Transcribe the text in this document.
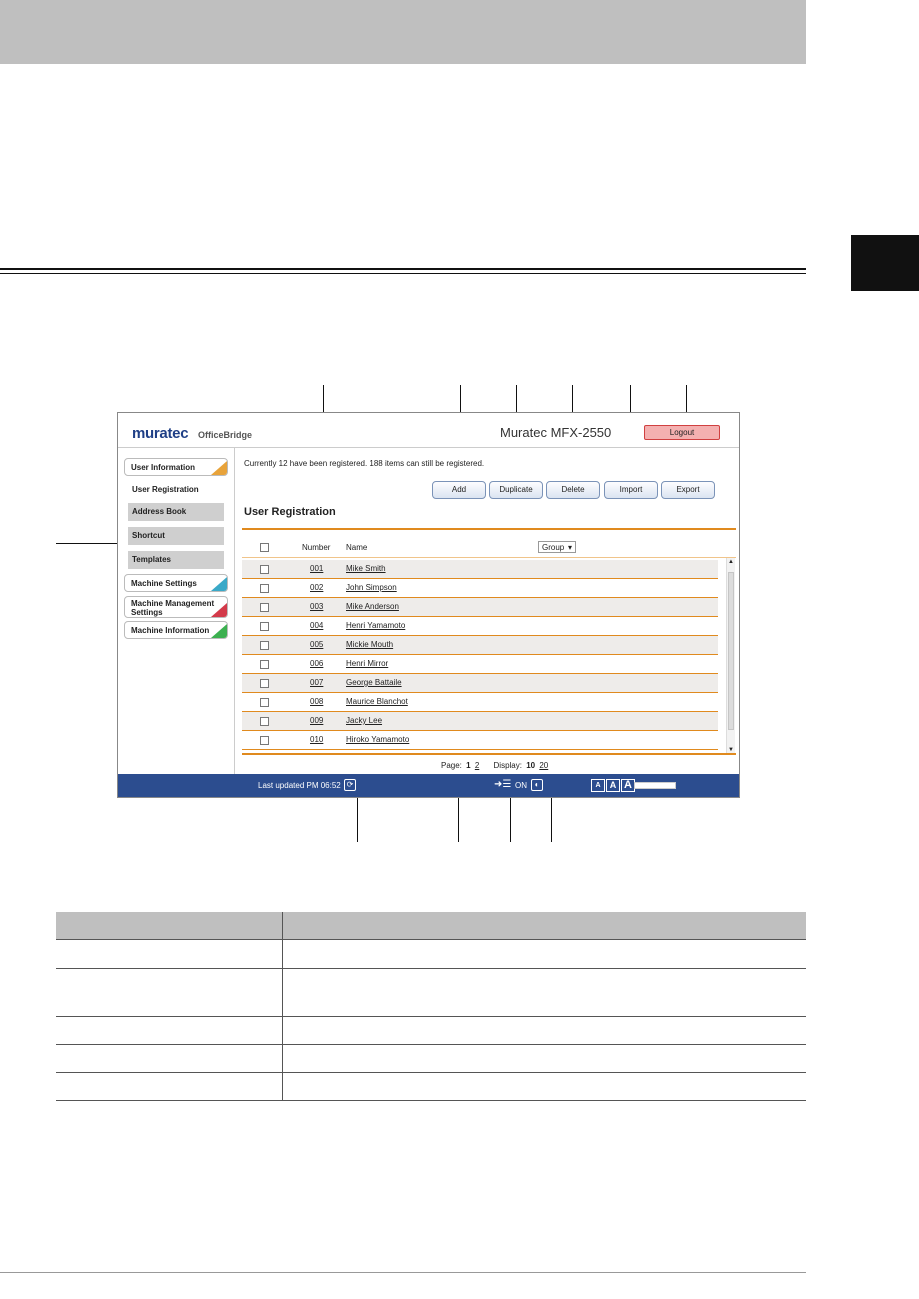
muratec OfficeBridge	Muratec MFX-2550	Logout
User Information
User Registration
Address Book
Shortcut
Templates
Machine Settings
Machine Management Settings
Machine Information
Currently 12 have been registered. 188 items can still be registered.
Add	Duplicate	Delete	Import	Export
User Registration
Number Name	Group ▾
001	Mike Smith
002	John Simpson
003	Mike Anderson
004	Henri Yamamoto
005	Mickie Mouth
006	Henri Mirror
007	George Battaile
008	Maurice Blanchot
009	Jacky Lee
010	Hiroko Yamamoto
▲
▼
Page: 1 2 Display: 10 20
Last updated PM 06:52 ⟳	➜☰ ON ◐	A	A A
